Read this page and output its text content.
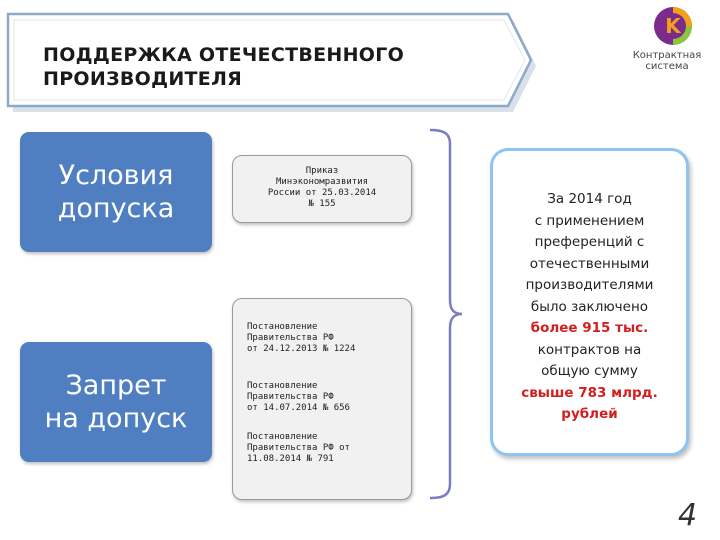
ПОДДЕРЖКА ОТЕЧЕСТВЕННОГО
ПРОИЗВОДИТЕЛЯ
K
Контрактная
система
Условия
допуска
Запрет
на допуск
Приказ
Минэкономразвития
России от 25.03.2014
№ 155
Постановление
Правительства РФ
от 24.12.2013 № 1224
Постановление
Правительства РФ
от 14.07.2014 № 656
Постановление
Правительства РФ от
11.08.2014 № 791
За 2014 год
с применением
преференций с
отечественными
производителями
было заключено
более 915 тыс.
контрактов на
общую сумму
свыше 783 млрд.
рублей
4
